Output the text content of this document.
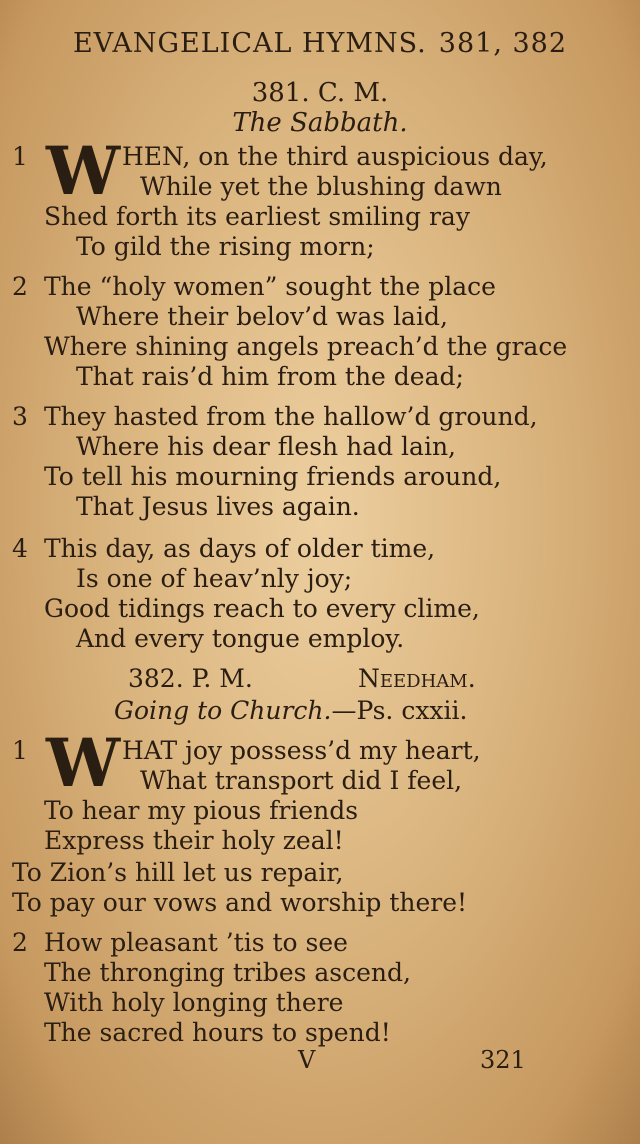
EVANGELICAL HYMNS. 381, 382
381. C. M.
The Sabbath.
1 W HEN, on the third auspicious day,
While yet the blushing dawn
Shed forth its earliest smiling ray
To gild the rising morn;
2 The “holy women” sought the place
Where their belov’d was laid,
Where shining angels preach’d the grace
That rais’d him from the dead;
3 They hasted from the hallow’d ground,
Where his dear flesh had lain,
To tell his mourning friends around,
That Jesus lives again.
4 This day, as days of older time,
Is one of heav’nly joy;
Good tidings reach to every clime,
And every tongue employ.
382. P. M.	Needham.
Going to Church.—Ps. cxxii.
1 W HAT joy possess’d my heart,
What transport did I feel,
To hear my pious friends
Express their holy zeal!
To Zion’s hill let us repair,
To pay our vows and worship there!
2 How pleasant ’tis to see
The thronging tribes ascend,
With holy longing there
The sacred hours to spend!
V	321
